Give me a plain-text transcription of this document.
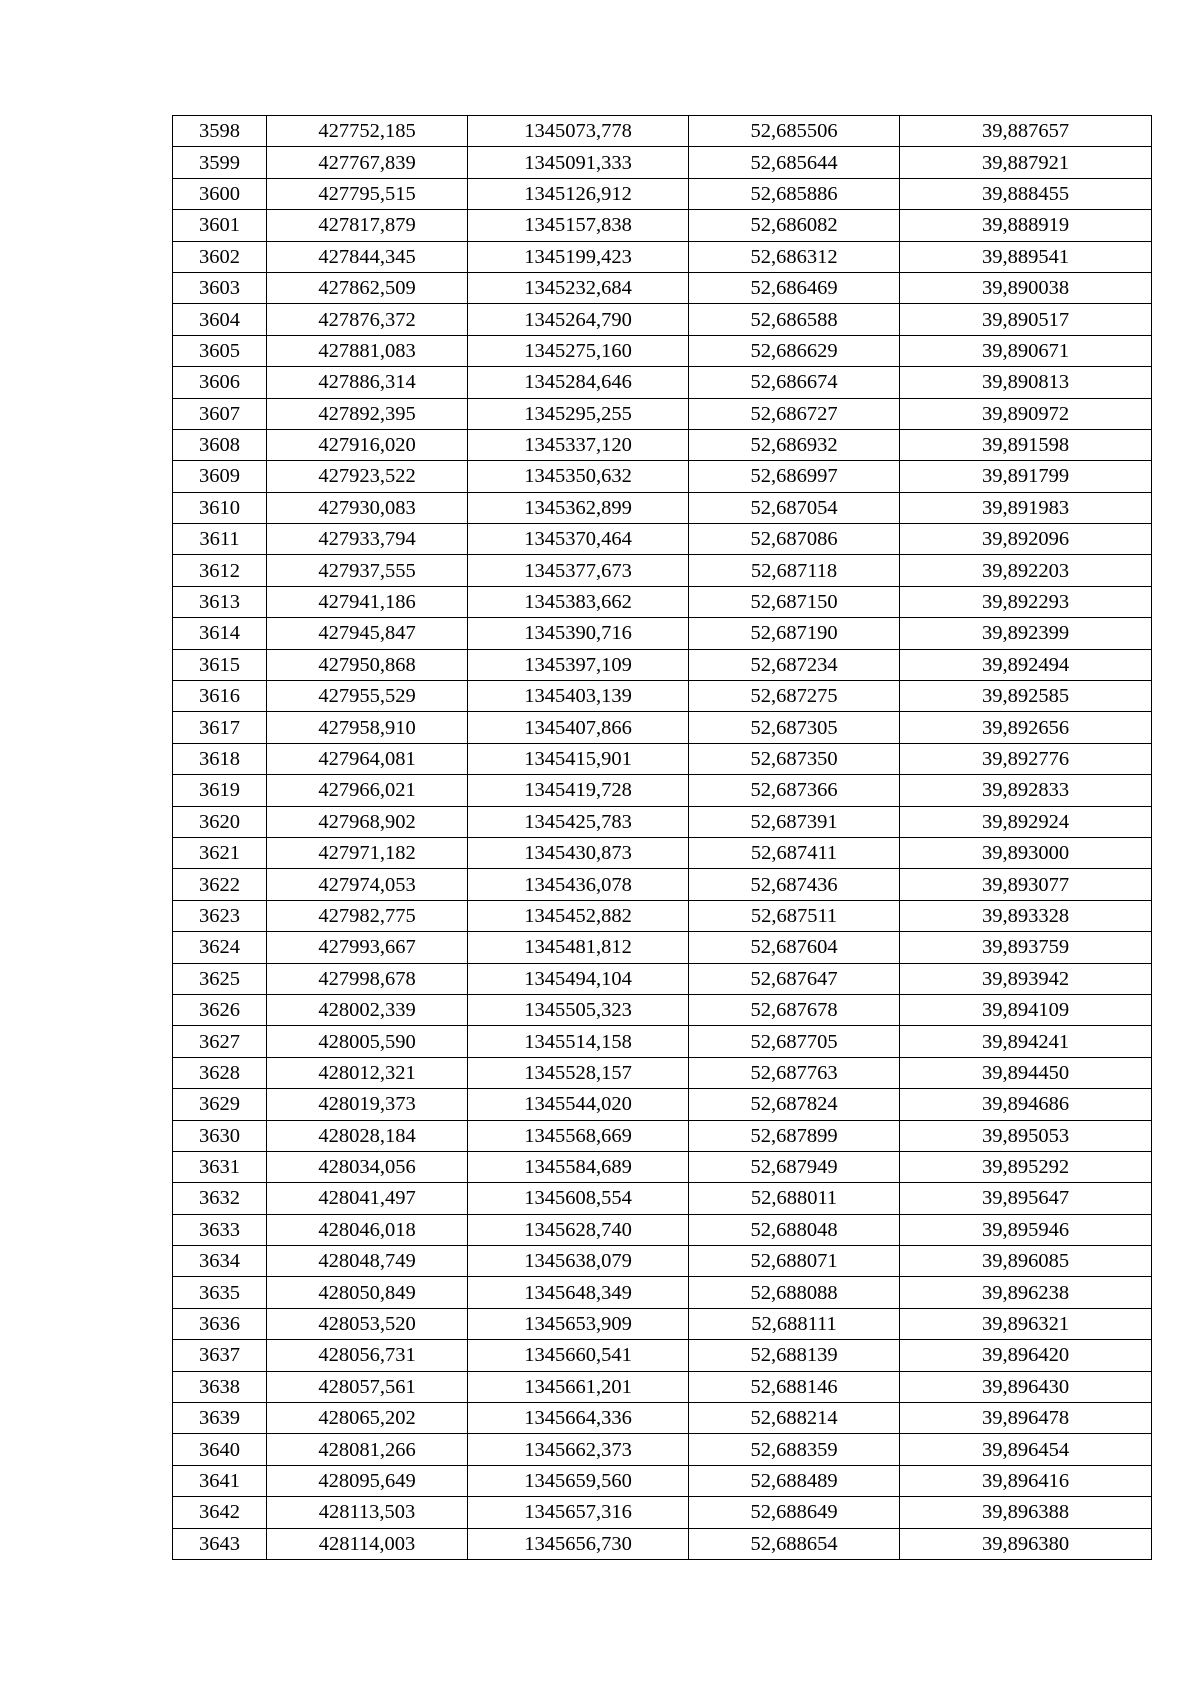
3598	427752,185	1345073,778	52,685506	39,887657
3599	427767,839	1345091,333	52,685644	39,887921
3600	427795,515	1345126,912	52,685886	39,888455
3601	427817,879	1345157,838	52,686082	39,888919
3602	427844,345	1345199,423	52,686312	39,889541
3603	427862,509	1345232,684	52,686469	39,890038
3604	427876,372	1345264,790	52,686588	39,890517
3605	427881,083	1345275,160	52,686629	39,890671
3606	427886,314	1345284,646	52,686674	39,890813
3607	427892,395	1345295,255	52,686727	39,890972
3608	427916,020	1345337,120	52,686932	39,891598
3609	427923,522	1345350,632	52,686997	39,891799
3610	427930,083	1345362,899	52,687054	39,891983
3611	427933,794	1345370,464	52,687086	39,892096
3612	427937,555	1345377,673	52,687118	39,892203
3613	427941,186	1345383,662	52,687150	39,892293
3614	427945,847	1345390,716	52,687190	39,892399
3615	427950,868	1345397,109	52,687234	39,892494
3616	427955,529	1345403,139	52,687275	39,892585
3617	427958,910	1345407,866	52,687305	39,892656
3618	427964,081	1345415,901	52,687350	39,892776
3619	427966,021	1345419,728	52,687366	39,892833
3620	427968,902	1345425,783	52,687391	39,892924
3621	427971,182	1345430,873	52,687411	39,893000
3622	427974,053	1345436,078	52,687436	39,893077
3623	427982,775	1345452,882	52,687511	39,893328
3624	427993,667	1345481,812	52,687604	39,893759
3625	427998,678	1345494,104	52,687647	39,893942
3626	428002,339	1345505,323	52,687678	39,894109
3627	428005,590	1345514,158	52,687705	39,894241
3628	428012,321	1345528,157	52,687763	39,894450
3629	428019,373	1345544,020	52,687824	39,894686
3630	428028,184	1345568,669	52,687899	39,895053
3631	428034,056	1345584,689	52,687949	39,895292
3632	428041,497	1345608,554	52,688011	39,895647
3633	428046,018	1345628,740	52,688048	39,895946
3634	428048,749	1345638,079	52,688071	39,896085
3635	428050,849	1345648,349	52,688088	39,896238
3636	428053,520	1345653,909	52,688111	39,896321
3637	428056,731	1345660,541	52,688139	39,896420
3638	428057,561	1345661,201	52,688146	39,896430
3639	428065,202	1345664,336	52,688214	39,896478
3640	428081,266	1345662,373	52,688359	39,896454
3641	428095,649	1345659,560	52,688489	39,896416
3642	428113,503	1345657,316	52,688649	39,896388
3643	428114,003	1345656,730	52,688654	39,896380
